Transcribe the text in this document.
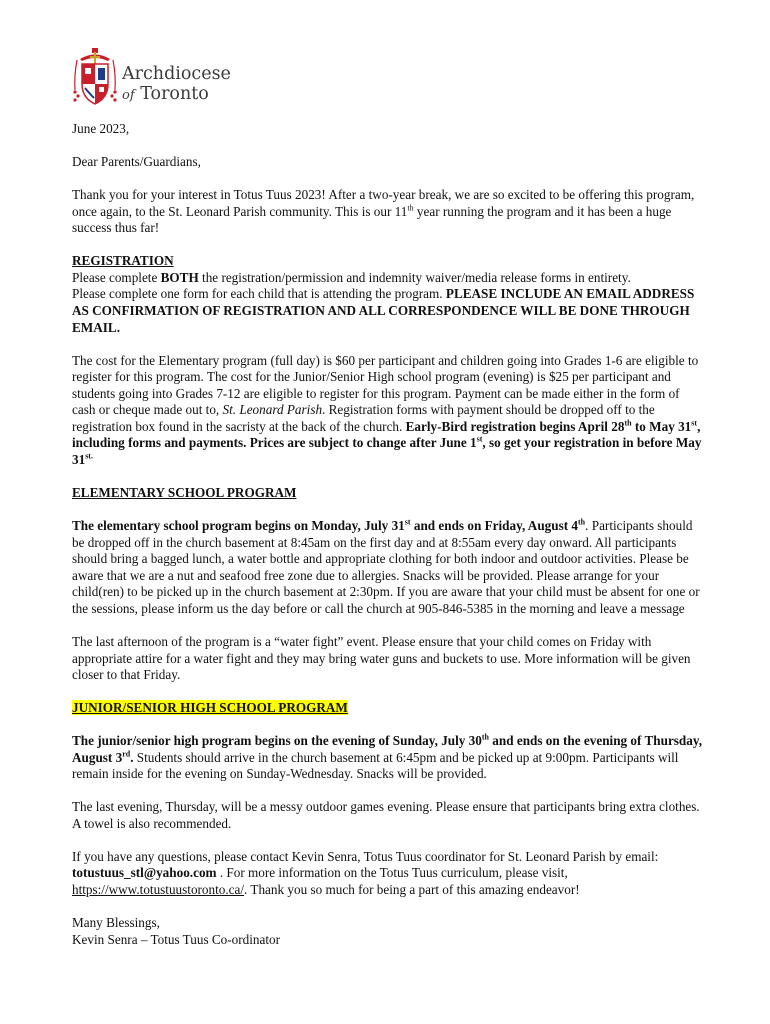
Archdiocese
of Toronto

June 2023,

Dear Parents/Guardians,

Thank you for your interest in Totus Tuus 2023! After a two-year break, we are so excited to be offering this program, once again, to the St. Leonard Parish community. This is our 11th year running the program and it has been a huge success thus far!

REGISTRATION
Please complete BOTH the registration/permission and indemnity waiver/media release forms in entirety.

Please complete one form for each child that is attending the program. PLEASE INCLUDE AN EMAIL ADDRESS AS CONFIRMATION OF REGISTRATION AND ALL CORRESPONDENCE WILL BE DONE THROUGH EMAIL.

The cost for the Elementary program (full day) is $60 per participant and children going into Grades 1-6 are eligible to register for this program. The cost for the Junior/Senior High school program (evening) is $25 per participant and students going into Grades 7-12 are eligible to register for this program. Payment can be made either in the form of cash or cheque made out to, St. Leonard Parish. Registration forms with payment should be dropped off to the registration box found in the sacristy at the back of the church. Early-Bird registration begins April 28th to May 31st, including forms and payments. Prices are subject to change after June 1st, so get your registration in before May $31^{st.}$

ELEMENTARY SCHOOL PROGRAM

The elementary school program begins on Monday, July 31st and ends on Friday, August 4th. Participants should be dropped off in the church basement at 8:45am on the first day and at 8:55am every day onward. All participants should bring a bagged lunch, a water bottle and appropriate clothing for both indoor and outdoor activities. Please be aware that we are a nut and seafood free zone due to allergies. Snacks will be provided. Please arrange for your child(ren) to be picked up in the church basement at 2:30pm. If you are aware that your child must be absent for one or the sessions, please inform us the day before or call the church at 905-846-5385 in the morning and leave a message

The last afternoon of the program is a “water fight” event. Please ensure that your child comes on Friday with appropriate attire for a water fight and they may bring water guns and buckets to use. More information will be given closer to that Friday.

JUNIOR/SENIOR HIGH SCHOOL PROGRAM

The junior/senior high program begins on the evening of Sunday, July 30th and ends on the evening of Thursday, August 3rd. Students should arrive in the church basement at 6:45pm and be picked up at 9:00pm. Participants will remain inside for the evening on Sunday-Wednesday. Snacks will be provided.

The last evening, Thursday, will be a messy outdoor games evening. Please ensure that participants bring extra clothes. A towel is also recommended.

If you have any questions, please contact Kevin Senra, Totus Tuus coordinator for St. Leonard Parish by email: totustuus_stl@yahoo.com . For more information on the Totus Tuus curriculum, please visit, https://www.totustuustoronto.ca/. Thank you so much for being a part of this amazing endeavor!

Many Blessings,
Kevin Senra – Totus Tuus Co-ordinator
